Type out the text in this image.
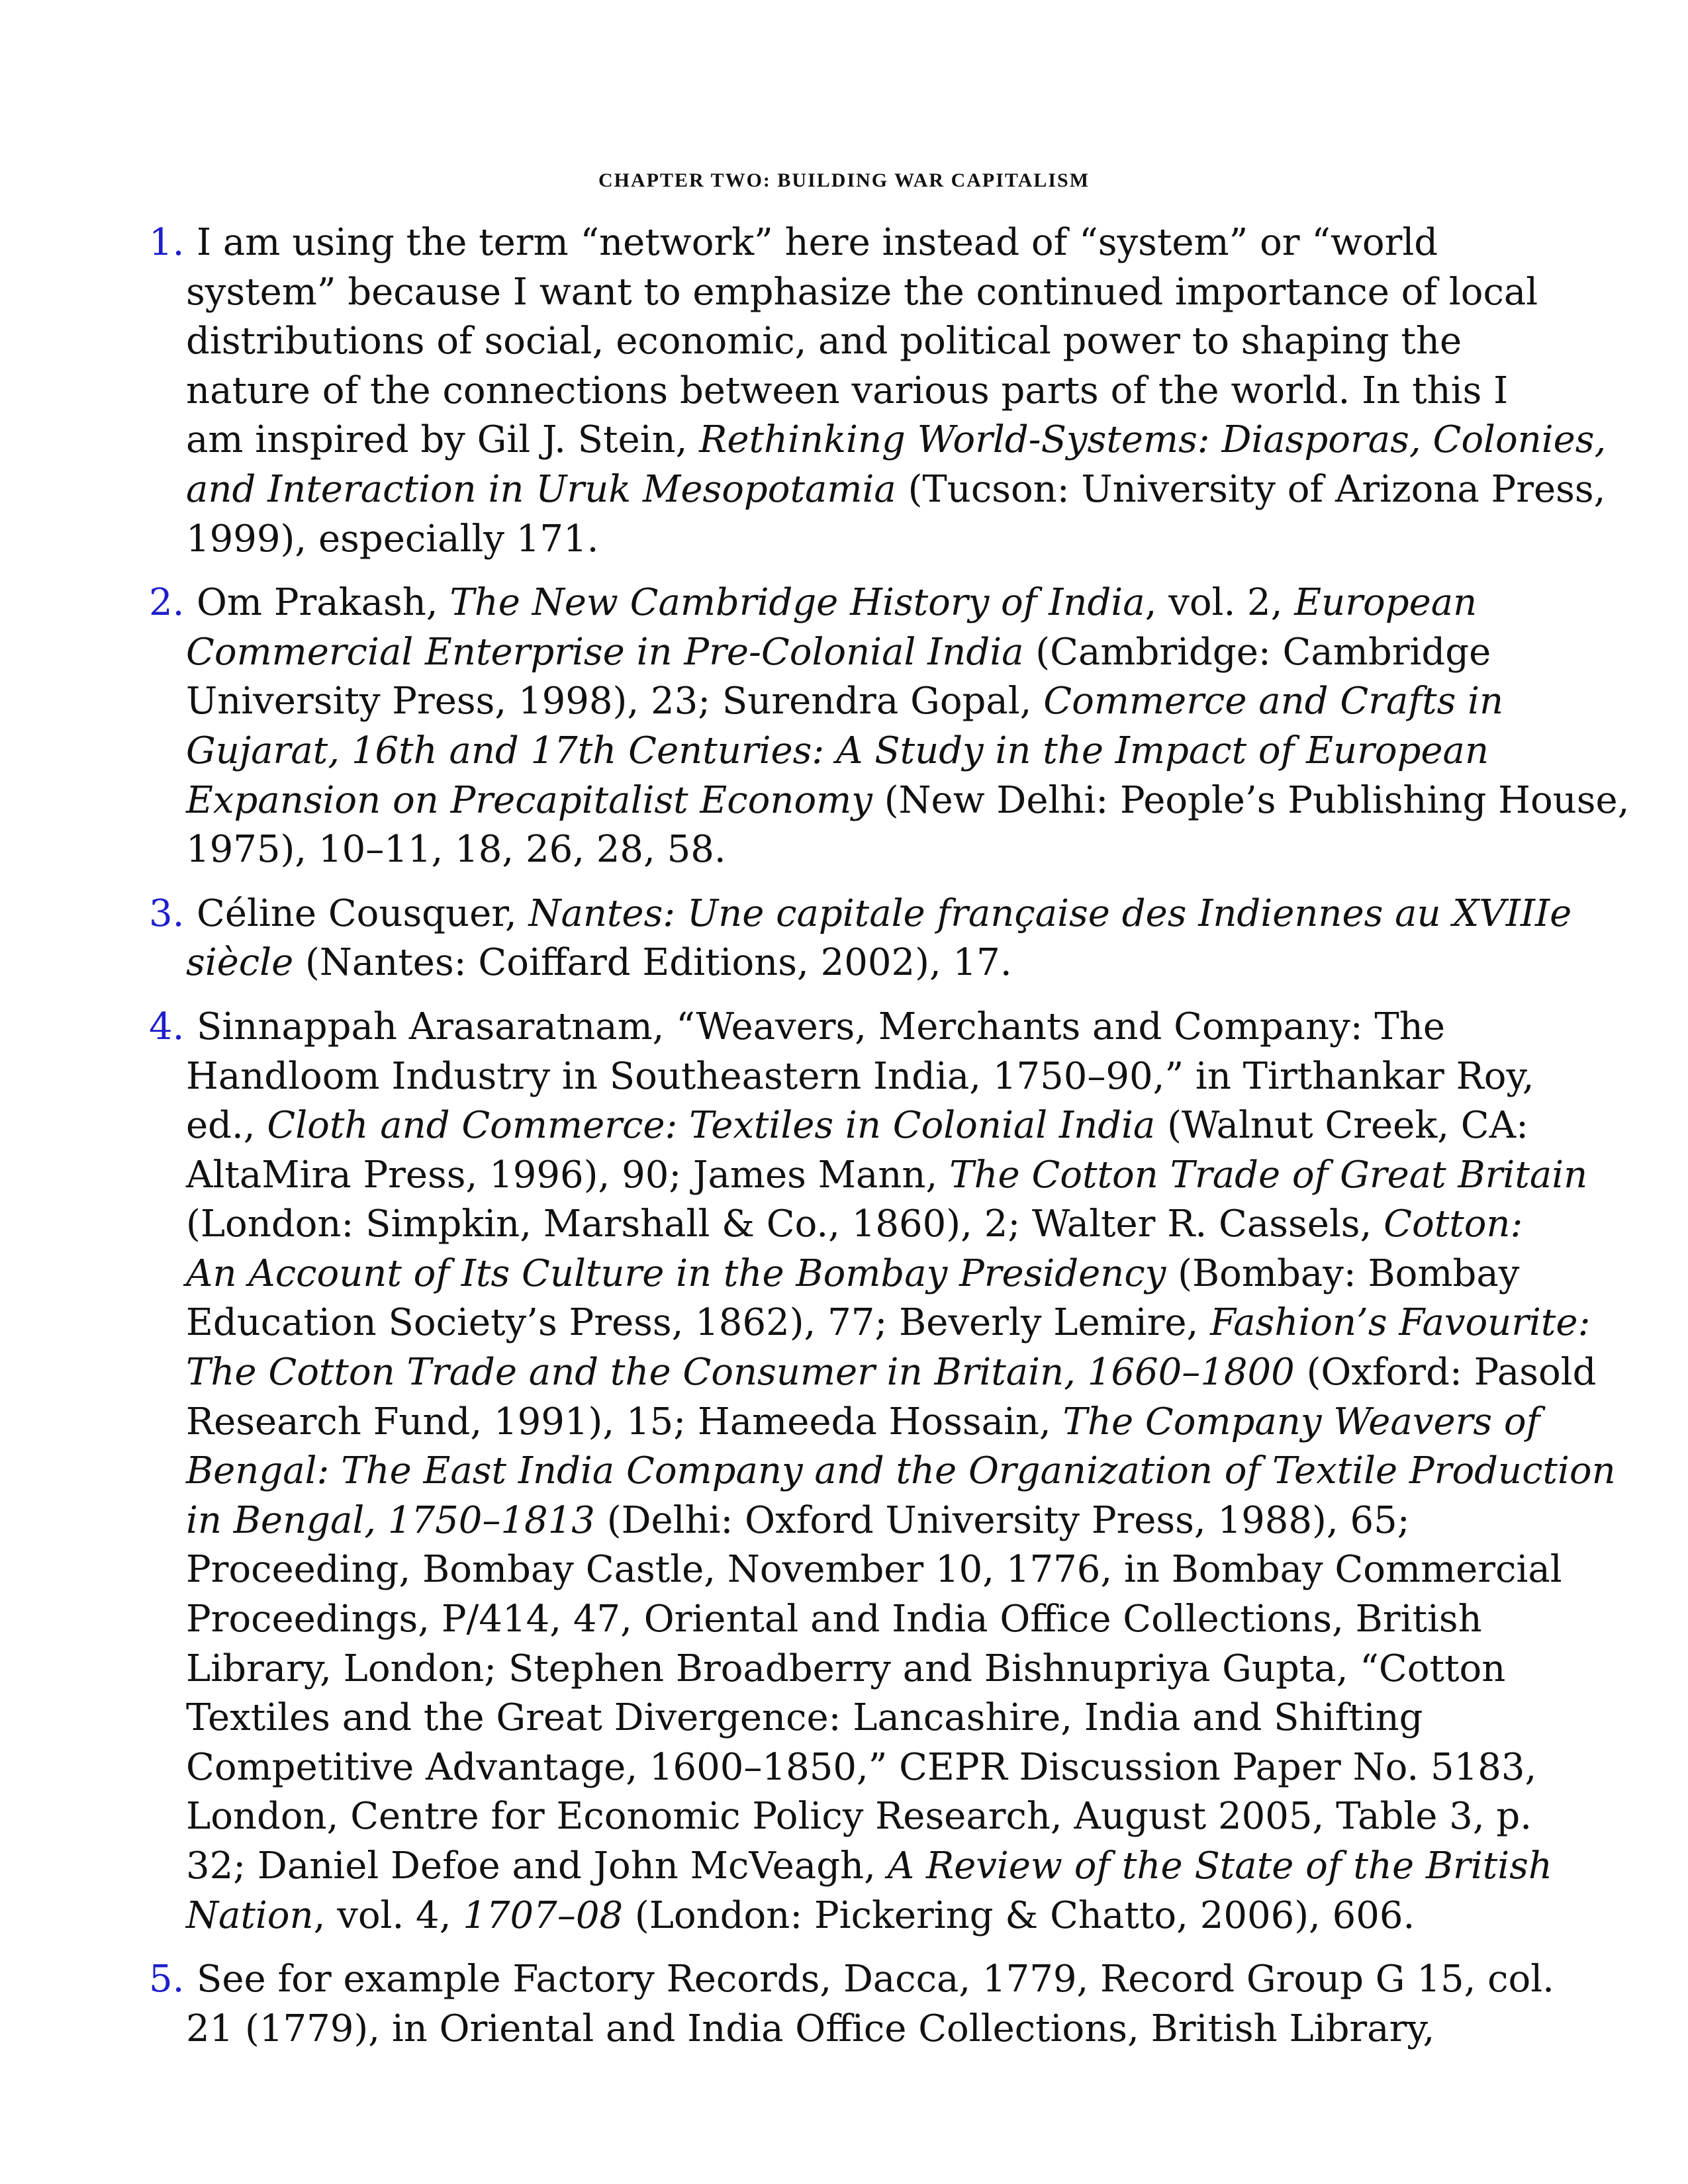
CHAPTER TWO: BUILDING WAR CAPITALISM
1. I am using the term “network” here instead of “system” or “world
system” because I want to emphasize the continued importance of local
distributions of social, economic, and political power to shaping the
nature of the connections between various parts of the world. In this I
am inspired by Gil J. Stein, Rethinking World-Systems: Diasporas, Colonies,
and Interaction in Uruk Mesopotamia (Tucson: University of Arizona Press,
1999), especially 171.
2. Om Prakash, The New Cambridge History of India, vol. 2, European
Commercial Enterprise in Pre-Colonial India (Cambridge: Cambridge
University Press, 1998), 23; Surendra Gopal, Commerce and Crafts in
Gujarat, 16th and 17th Centuries: A Study in the Impact of European
Expansion on Precapitalist Economy (New Delhi: People’s Publishing House,
1975), 10–11, 18, 26, 28, 58.
3. Céline Cousquer, Nantes: Une capitale française des Indiennes au XVIIIe
siècle (Nantes: Coiffard Editions, 2002), 17.
4. Sinnappah Arasaratnam, “Weavers, Merchants and Company: The
Handloom Industry in Southeastern India, 1750–90,” in Tirthankar Roy,
ed., Cloth and Commerce: Textiles in Colonial India (Walnut Creek, CA:
AltaMira Press, 1996), 90; James Mann, The Cotton Trade of Great Britain
(London: Simpkin, Marshall & Co., 1860), 2; Walter R. Cassels, Cotton:
An Account of Its Culture in the Bombay Presidency (Bombay: Bombay
Education Society’s Press, 1862), 77; Beverly Lemire, Fashion’s Favourite:
The Cotton Trade and the Consumer in Britain, 1660–1800 (Oxford: Pasold
Research Fund, 1991), 15; Hameeda Hossain, The Company Weavers of
Bengal: The East India Company and the Organization of Textile Production
in Bengal, 1750–1813 (Delhi: Oxford University Press, 1988), 65;
Proceeding, Bombay Castle, November 10, 1776, in Bombay Commercial
Proceedings, P/414, 47, Oriental and India Office Collections, British
Library, London; Stephen Broadberry and Bishnupriya Gupta, “Cotton
Textiles and the Great Divergence: Lancashire, India and Shifting
Competitive Advantage, 1600–1850,” CEPR Discussion Paper No. 5183,
London, Centre for Economic Policy Research, August 2005, Table 3, p.
32; Daniel Defoe and John McVeagh, A Review of the State of the British
Nation, vol. 4, 1707–08 (London: Pickering & Chatto, 2006), 606.
5. See for example Factory Records, Dacca, 1779, Record Group G 15, col.
21 (1779), in Oriental and India Office Collections, British Library,
